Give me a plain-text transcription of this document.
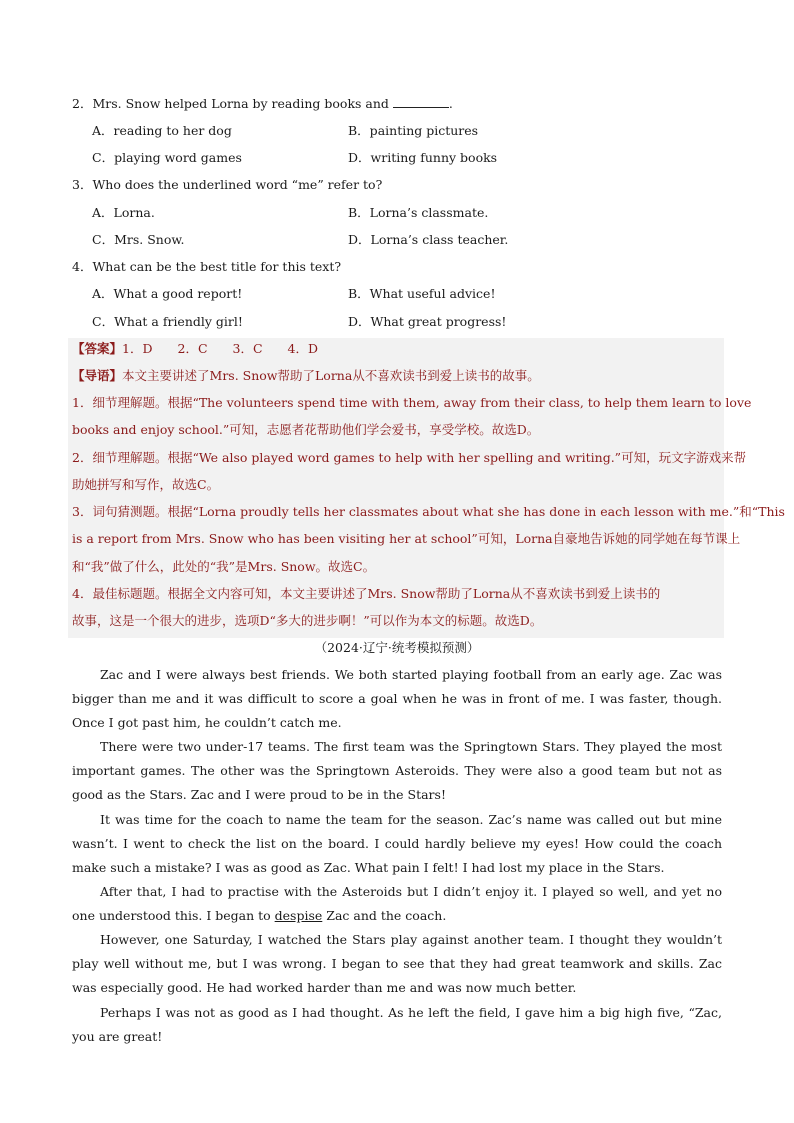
2．Mrs. Snow helped Lorna by reading books and	.
A．reading to her dog	B．painting pictures
C．playing word games	D．writing funny books
3．Who does the underlined word “me” refer to?
A．Lorna.	B．Lorna’s classmate.
C．Mrs. Snow.	D．Lorna’s class teacher.
4．What can be the best title for this text?
A．What a good report!	B．What useful advice!
C．What a friendly girl!	D．What great progress!
【答案】1．D　　2．C　　3．C　　4．D
【导语】本文主要讲述了Mrs. Snow帮助了Lorna从不喜欢读书到爱上读书的故事。
1．细节理解题。根据“The volunteers spend time with them, away from their class, to help them learn to love
books and enjoy school.”可知，志愿者花帮助他们学会爱书，享受学校。故选D。
2．细节理解题。根据“We also played word games to help with her spelling and writing.”可知，玩文字游戏来帮
助她拼写和写作，故选C。
3．词句猜测题。根据“Lorna proudly tells her classmates about what she has done in each lesson with me.”和“This
is a report from Mrs. Snow who has been visiting her at school”可知，Lorna自豪地告诉她的同学她在每节课上
和“我”做了什么，此处的“我”是Mrs. Snow。故选C。
4．最佳标题题。根据全文内容可知，本文主要讲述了Mrs. Snow帮助了Lorna从不喜欢读书到爱上读书的
故事，这是一个很大的进步，选项D“多大的进步啊！”可以作为本文的标题。故选D。
（2024·辽宁·统考模拟预测）

Zac and I were always best friends. We both started playing football from an early age. Zac was bigger than me and it was difficult to score a goal when he was in front of me. I was faster, though. Once I got past him, he couldn’t catch me.

There were two under-17 teams. The first team was the Springtown Stars. They played the most important games. The other was the Springtown Asteroids. They were also a good team but not as good as the Stars. Zac and I were proud to be in the Stars!

It was time for the coach to name the team for the season. Zac’s name was called out but mine wasn’t. I went to check the list on the board. I could hardly believe my eyes! How could the coach make such a mistake? I was as good as Zac. What pain I felt! I had lost my place in the Stars.

After that, I had to practise with the Asteroids but I didn’t enjoy it. I played so well, and yet no one understood this. I began to despise Zac and the coach.

However, one Saturday, I watched the Stars play against another team. I thought they wouldn’t play well without me, but I was wrong. I began to see that they had great teamwork and skills. Zac was especially good. He had worked harder than me and was now much better.

Perhaps I was not as good as I had thought. As he left the field, I gave him a big high five, “Zac, you are great!
